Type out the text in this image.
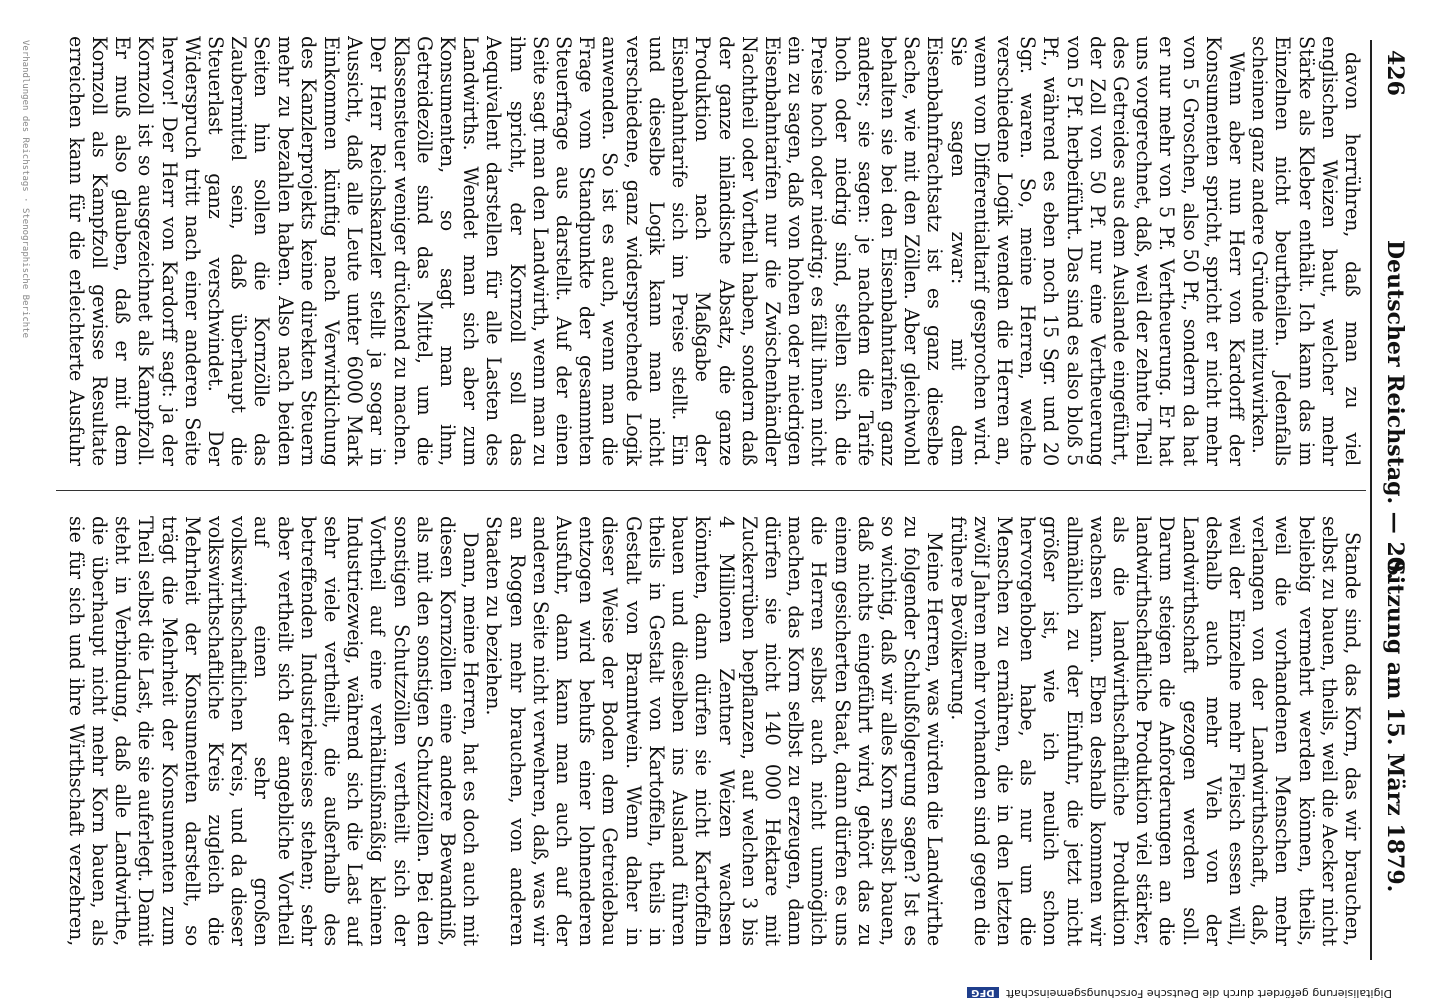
426
Deutscher Reichstag. — 20.
Sitzung am 15. März 1879.

davon herrühren, daß man zu viel englischen Weizen baut, welcher mehr Stärke als Kleber enthält. Ich kann das im Einzelnen nicht beurtheilen. Jedenfalls scheinen ganz andere Gründe mitzuwirken.

Wenn aber nun Herr von Kardorff der Konsumenten spricht, spricht er nicht mehr von 5 Groschen, also 50 Pf., sondern da hat er nur mehr von 5 Pf. Vertheuerung. Er hat uns vorgerechnet, daß, weil der zehnte Theil des Getreides aus dem Auslande eingeführt, der Zoll von 50 Pf. nur eine Vertheuerung von 5 Pf. herbeiführt. Das sind es also bloß 5 Pf., während es eben noch 15 Sgr. und 20 Sgr. waren. So, meine Herren, welche verschiedene Logik wenden die Herren an, wenn vom Differentialtarif gesprochen wird. Sie sagen zwar: mit dem Eisenbahnfrachtsatz ist es ganz dieselbe Sache, wie mit den Zöllen. Aber gleichwohl behalten sie bei den Eisenbahntarifen ganz anders; sie sagen: je nachdem die Tarife hoch oder niedrig sind, stellen sich die Preise hoch oder niedrig; es fällt ihnen nicht ein zu sagen, daß von hohen oder niedrigen Eisenbahntarifen nur die Zwischenhändler Nachtheil oder Vortheil haben, sondern daß der ganze inländische Absatz, die ganze Produktion nach Maßgabe der Eisenbahntarife sich im Preise stellt. Ein und dieselbe Logik kann man nicht verschiedene, ganz widersprechende Logik anwenden. So ist es auch, wenn man die Frage vom Standpunkte der gesammten Steuerfrage aus darstellt. Auf der einen Seite sagt man den Landwirth, wenn man zu ihm spricht, der Kornzoll soll das Aequivalent darstellen für alle Lasten des Landwirths. Wendet man sich aber zum Konsumenten, so sagt man ihm, Getreidezölle sind das Mittel, um die Klassensteuer weniger drückend zu machen. Der Herr Reichskanzler stellt ja sogar in Aussicht, daß alle Leute unter 6000 Mark Einkommen künftig nach Verwirklichung des Kanzlerprojekts keine direkten Steuern mehr zu bezahlen haben. Also nach beiden Seiten hin sollen die Kornzölle das Zaubermittel sein, daß überhaupt die Steuerlast ganz verschwindet. Der Widerspruch tritt nach einer anderen Seite hervor! Der Herr von Kardorff sagt: ja der Kornzoll ist so ausgezeichnet als Kampfzoll. Er muß also glauben, daß er mit dem Kornzoll als Kampfzoll gewisse Resultate erreichen kann für die erleichterte Ausfuhr

Stande sind, das Korn, das wir brauchen, selbst zu bauen, theils, weil die Aecker nicht beliebig vermehrt werden können, theils, weil die vorhandenen Menschen mehr verlangen von der Landwirthschaft, daß, weil der Einzelne mehr Fleisch essen will, deshalb auch mehr Vieh von der Landwirthschaft gezogen werden soll. Darum steigen die Anforderungen an die landwirthschaftliche Produktion viel stärker, als die landwirthschaftliche Produktion wachsen kann. Eben deshalb kommen wir allmählich zu der Einfuhr, die jetzt nicht größer ist, wie ich neulich schon hervorgehoben habe, als nur um die Menschen zu ernähren, die in den letzten zwölf Jahren mehr vorhanden sind gegen die frühere Bevölkerung.

Meine Herren, was würden die Landwirthe zu folgender Schlußfolgerung sagen? Ist es so wichtig, daß wir alles Korn selbst bauen, daß nichts eingeführt wird, gehört das zu einem gesicherten Staat, dann dürfen es uns die Herren selbst auch nicht unmöglich machen, das Korn selbst zu erzeugen, dann dürfen sie nicht 140 000 Hektare mit Zuckerrüben bepflanzen, auf welchen 3 bis 4 Millionen Zentner Weizen wachsen könnten, dann dürfen sie nicht Kartoffeln bauen und dieselben ins Ausland führen theils in Gestalt von Kartoffeln, theils in Gestalt von Branntwein. Wenn daher in dieser Weise der Boden dem Getreidebau entzogen wird behufs einer lohnenderen Ausfuhr, dann kann man auch auf der anderen Seite nicht verwehren, daß, was wir an Roggen mehr brauchen, von anderen Staaten zu beziehen.

Dann, meine Herren, hat es doch auch mit diesen Kornzöllen eine andere Bewandniß, als mit den sonstigen Schutzzöllen. Bei den sonstigen Schutzzöllen vertheilt sich der Vortheil auf eine verhältnißmäßig kleinen Industriezweig, während sich die Last auf sehr viele vertheilt, die außerhalb des betreffenden Industriekreises stehen; sehr aber vertheilt sich der angebliche Vortheil auf einen sehr großen volkswirthschaftlichen Kreis, und da dieser volkswirthschaftliche Kreis zugleich die Mehrheit der Konsumenten darstellt, so trägt die Mehrheit der Konsumenten zum Theil selbst die Last, die sie auferlegt. Damit steht in Verbindung, daß alle Landwirthe, die überhaupt nicht mehr Korn bauen, als sie für sich und ihre Wirthschaft verzehren,

Digitalisierung gefördert durch die Deutsche Forschungsgemeinschaft DFG
Verhandlungen des Reichstags · Stenographische Berichte
